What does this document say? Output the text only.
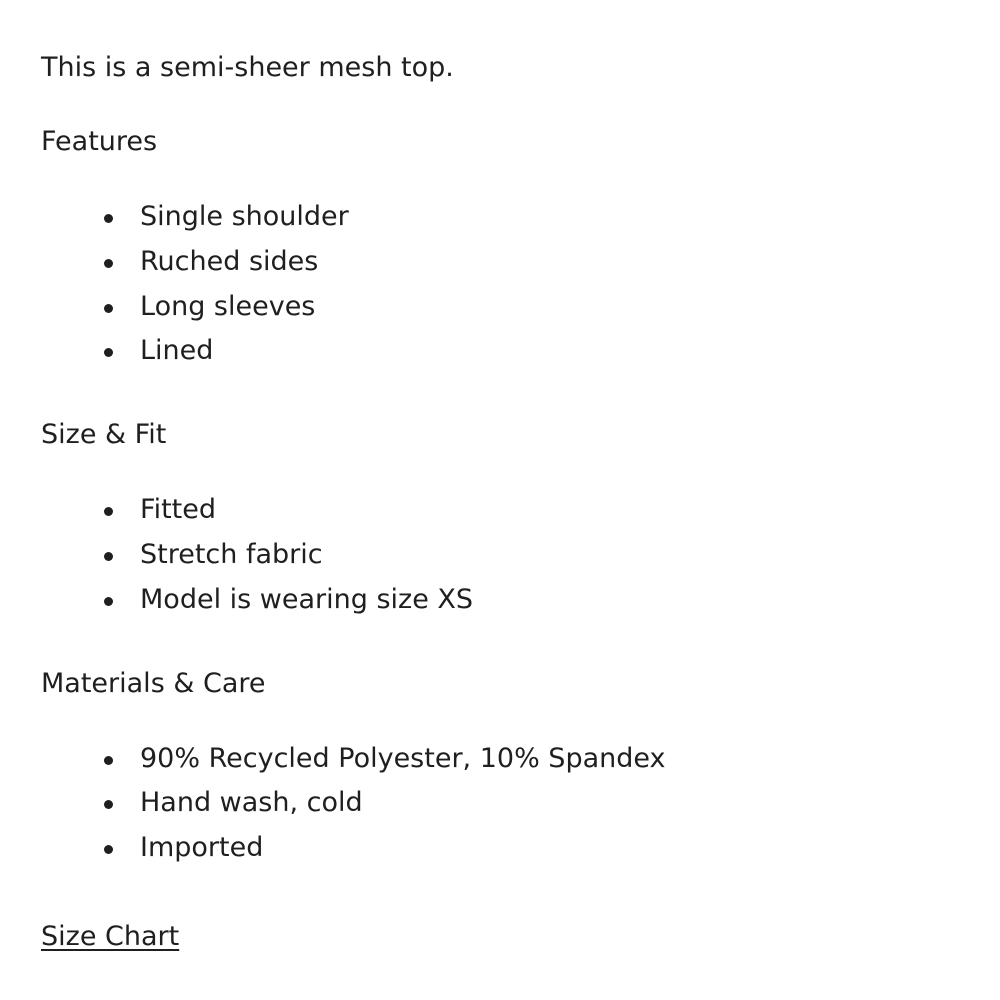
This is a semi-sheer mesh top.
Features
Single shoulder
Ruched sides
Long sleeves
Lined
Size & Fit
Fitted
Stretch fabric
Model is wearing size XS
Materials & Care
90% Recycled Polyester, 10% Spandex
Hand wash, cold
Imported
Size Chart
